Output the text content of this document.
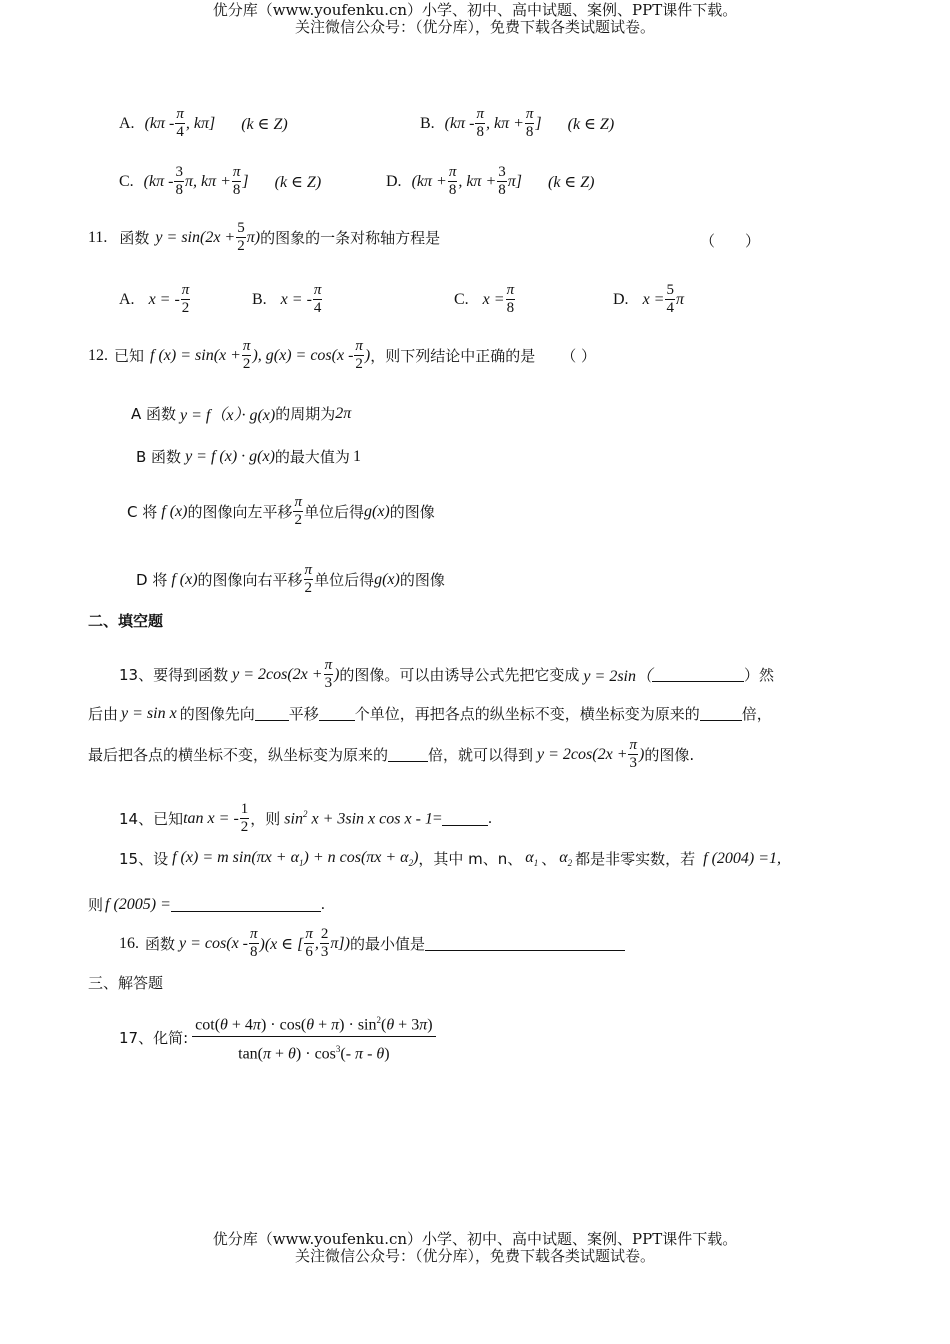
优分库（www.youfenku.cn）小学、初中、高中试题、案例、PPT课件下载。
关注微信公众号：（优分库），免费下载各类试题试卷。
A. ($k\pi - \frac{\pi}{4}$ , kπ] (k ∈ Z)	B. ($k\pi - \frac{\pi}{8}$ , $k\pi + \frac{\pi}{8}$ ] (k ∈ Z)
C. ($k\pi - \frac{3}{8} \pi$, $k\pi + \frac{\pi}{8}$ ] (k ∈ Z)	D. ($k\pi + \frac{\pi}{8}$ , $k\pi + \frac{3}{8} \pi$] (k ∈ Z)
11. 函数 $y = \sin(2x + \frac{5}{2} \pi)$ 的图象的一条对称轴方程是	（　　）
A. x = - $\frac{\pi}{2}$	B. x = - $\frac{\pi}{4}$	C. $x = \frac{\pi}{8}$	D. $x = \frac{5}{4}$ π
12. 已知 f $(x) = \sin(x + \frac{\pi}{2}$ ), $g(x) = \cos(x - \frac{\pi}{2}$ ) ，则下列结论中正确的是 （ ）
A 函数 y = f（x）· g(x) 的周期为 2π
B 函数 y = f (x) · g(x) 的最大值为 1
C 将 f (x) 的图像向左平移 $\frac{\pi}{2}$ 单位后得 g(x) 的图像
D 将 f (x) 的图像向右平移 $\frac{\pi}{2}$ 单位后得 g(x) 的图像
二、填空题
13、 要得到函数 $y = 2\cos(2x + \frac{\pi}{3}$ ) 的图像。可以由诱导公式先把它变成 y = 2sin（	）然
后由 y = sin x 的图像先向 平移 个单位，再把各点的纵坐标不变，横坐标变为原来的	倍，
最后把各点的横坐标不变，纵坐标变为原来的	倍，就可以得到 $y = 2\cos(2x + \frac{\pi}{3}$ ) 的图像.
14、 已知 tan x = - $\frac{1}{2}$ ，则 $\sin^2 x + 3\sin$ x cos x - 1 =	.
15、 设 f (x) = m $\sin(\pi x + \alpha_1) + n$ $\cos(\pi x + \alpha_2)$ ，其中 m、n、 $\alpha_1$ 、 $\alpha_2$ 都是非零实数，若 f (2004) =1,
则 f (2005) =	.
16. 函数 $y = \cos(x - \frac{\pi}{8} )(x$ ∈ [ $\frac{\pi}{6}$ , $\frac{2}{3} \pi$]) 的最小值是
三、解答题
17、 化简: $\frac{\cot(\theta + 4\pi) \cdot \cos(\theta + \pi) \cdot \sin^2(\theta + 3\pi)}{\tan(\pi + \theta) \cdot \cos^3(- \pi - \theta)}$
优分库（www.youfenku.cn）小学、初中、高中试题、案例、PPT课件下载。
关注微信公众号：（优分库），免费下载各类试题试卷。
